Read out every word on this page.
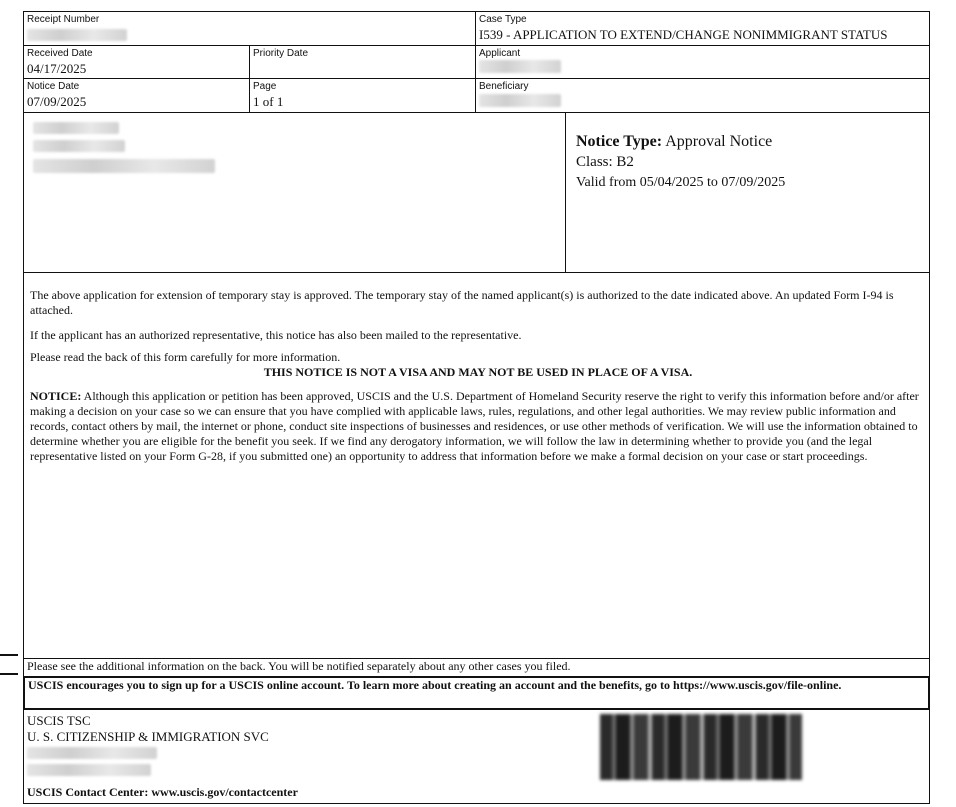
Receipt Number	Case Type
I539 - APPLICATION TO EXTEND/CHANGE NONIMMIGRANT STATUS
Received Date
04/17/2025
Priority Date	Applicant
Notice Date
07/09/2025
Page
1 of 1
Beneficiary
Notice Type: Approval Notice
Class: B2
Valid from 05/04/2025 to 07/09/2025

The above application for extension of temporary stay is approved. The temporary stay of the named applicant(s) is authorized to the date indicated above. An updated Form I-94 is attached.

If the applicant has an authorized representative, this notice has also been mailed to the representative.

Please read the back of this form carefully for more information.

THIS NOTICE IS NOT A VISA AND MAY NOT BE USED IN PLACE OF A VISA.

NOTICE: Although this application or petition has been approved, USCIS and the U.S. Department of Homeland Security reserve the right to verify this information before and/or after making a decision on your case so we can ensure that you have complied with applicable laws, rules, regulations, and other legal authorities. We may review public information and records, contact others by mail, the internet or phone, conduct site inspections of businesses and residences, or use other methods of verification. We will use the information obtained to determine whether you are eligible for the benefit you seek. If we find any derogatory information, we will follow the law in determining whether to provide you (and the legal representative listed on your Form G-28, if you submitted one) an opportunity to address that information before we make a formal decision on your case or start proceedings.

Please see the additional information on the back. You will be notified separately about any other cases you filed.
USCIS encourages you to sign up for a USCIS online account. To learn more about creating an account and the benefits, go to https://www.uscis.gov/file-online.
USCIS TSC
U. S. CITIZENSHIP & IMMIGRATION SVC
USCIS Contact Center: www.uscis.gov/contactcenter
